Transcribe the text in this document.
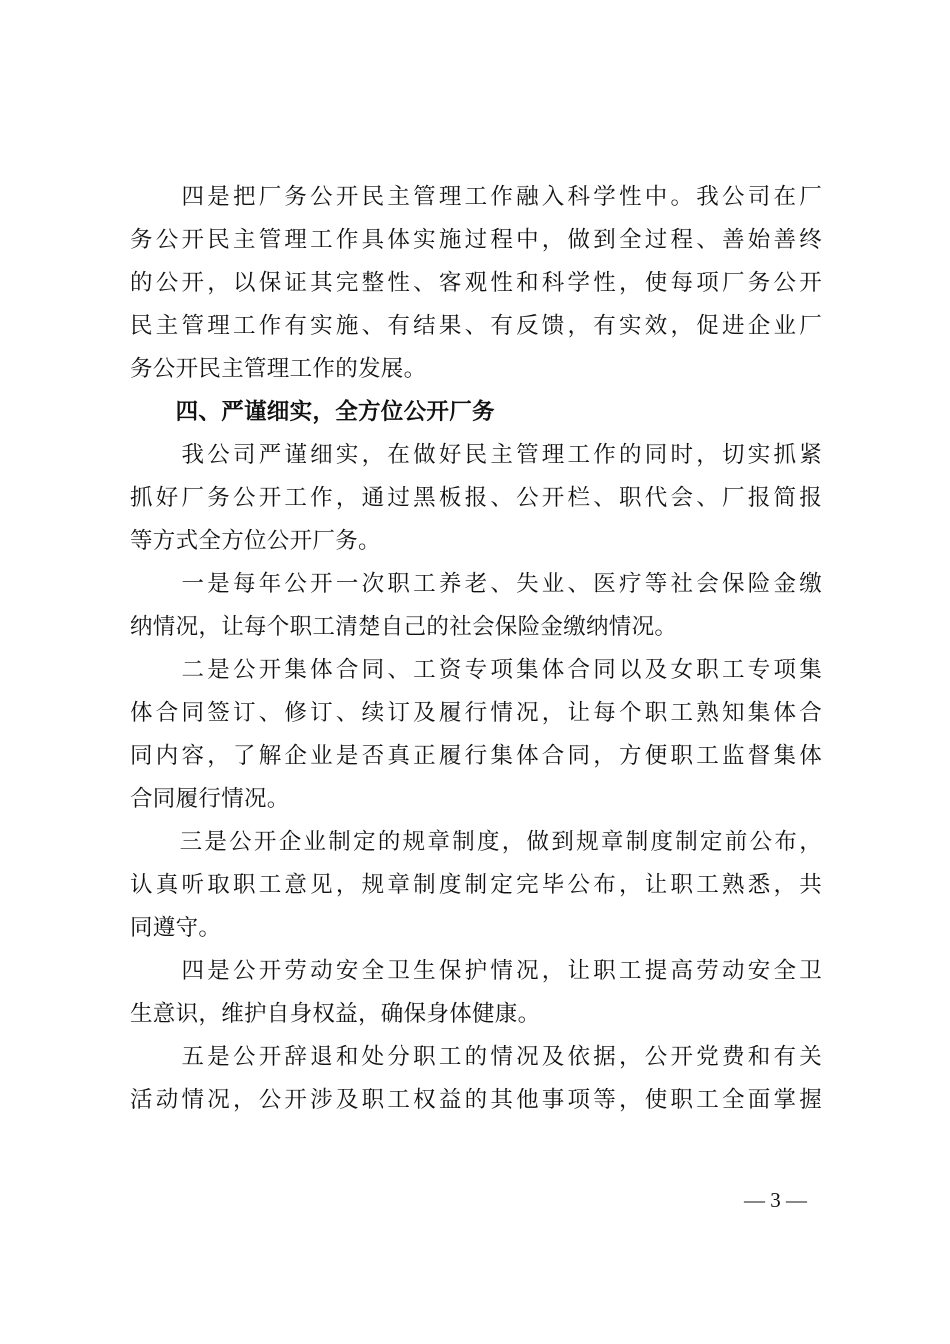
　　四是把厂务公开民主管理工作融入科学性中。我公司在厂
务公开民主管理工作具体实施过程中，做到全过程、善始善终
的公开，以保证其完整性、客观性和科学性，使每项厂务公开
民主管理工作有实施、有结果、有反馈，有实效，促进企业厂
务公开民主管理工作的发展。
　　四、严谨细实，全方位公开厂务
　　我公司严谨细实，在做好民主管理工作的同时，切实抓紧
抓好厂务公开工作，通过黑板报、公开栏、职代会、厂报简报
等方式全方位公开厂务。
　　一是每年公开一次职工养老、失业、医疗等社会保险金缴
纳情况，让每个职工清楚自己的社会保险金缴纳情况。
　　二是公开集体合同、工资专项集体合同以及女职工专项集
体合同签订、修订、续订及履行情况，让每个职工熟知集体合
同内容，了解企业是否真正履行集体合同，方便职工监督集体
合同履行情况。
　　三是公开企业制定的规章制度，做到规章制度制定前公布，
认真听取职工意见，规章制度制定完毕公布，让职工熟悉，共
同遵守。
　　四是公开劳动安全卫生保护情况，让职工提高劳动安全卫
生意识，维护自身权益，确保身体健康。
　　五是公开辞退和处分职工的情况及依据，公开党费和有关
活动情况，公开涉及职工权益的其他事项等，使职工全面掌握
— 3 —
